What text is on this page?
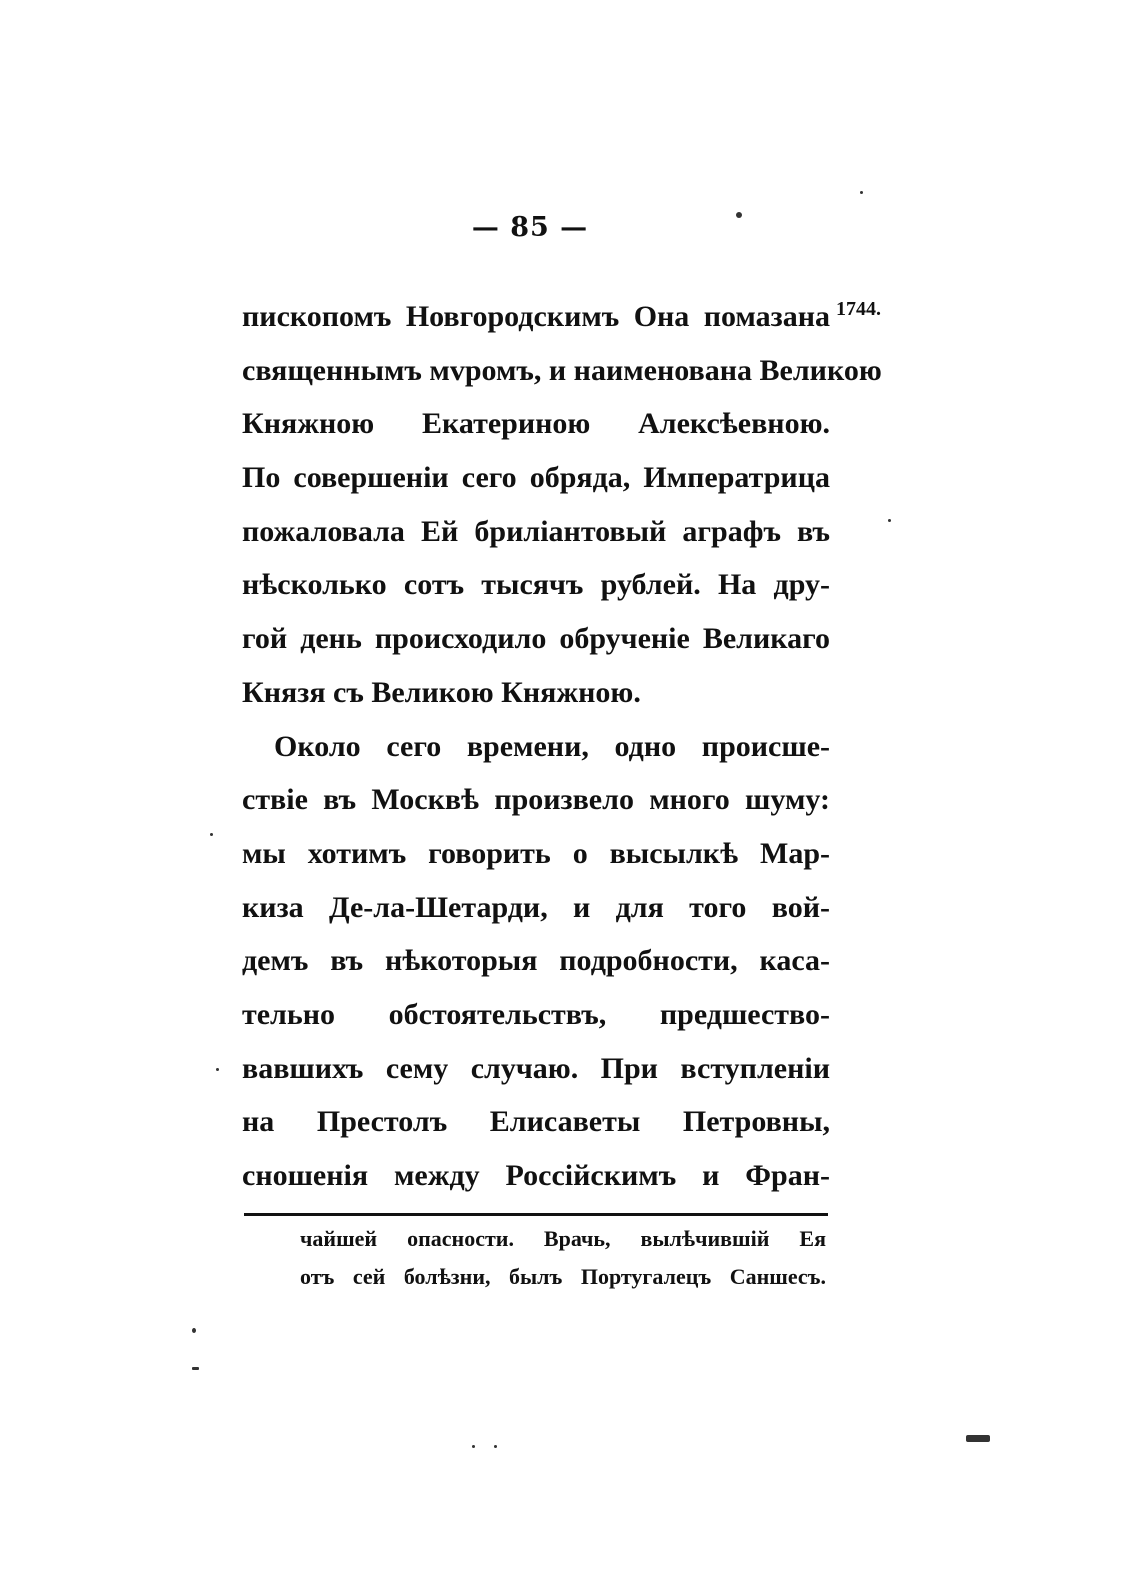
— 85 —
1744.
пископомъ Новгородскимъ Она помазана
священнымъ мvромъ, и наименована Великою
Княжною Екатериною Алексѣевною.
По совершеніи сего обряда, Императрица
пожаловала Ей бриліантовый аграфъ въ
нѣсколько сотъ тысячъ рублей. На дру-
гой день происходило обрученіе Великаго
Князя съ Великою Княжною.
Около сего времени, одно происше-
ствіе въ Москвѣ произвело много шуму:
мы хотимъ говорить о высылкѣ Мар-
киза Де-ла-Шетарди, и для того вой-
демъ въ нѣкоторыя подробности, каса-
тельно обстоятельствъ, предшество-
вавшихъ сему случаю. При вступленіи
на Престолъ Елисаветы Петровны,
сношенія между Россійскимъ и Фран-
чайшей опасности. Врачь, вылѣчившій Ея
отъ сей болѣзни, былъ Португалецъ Саншесъ.
